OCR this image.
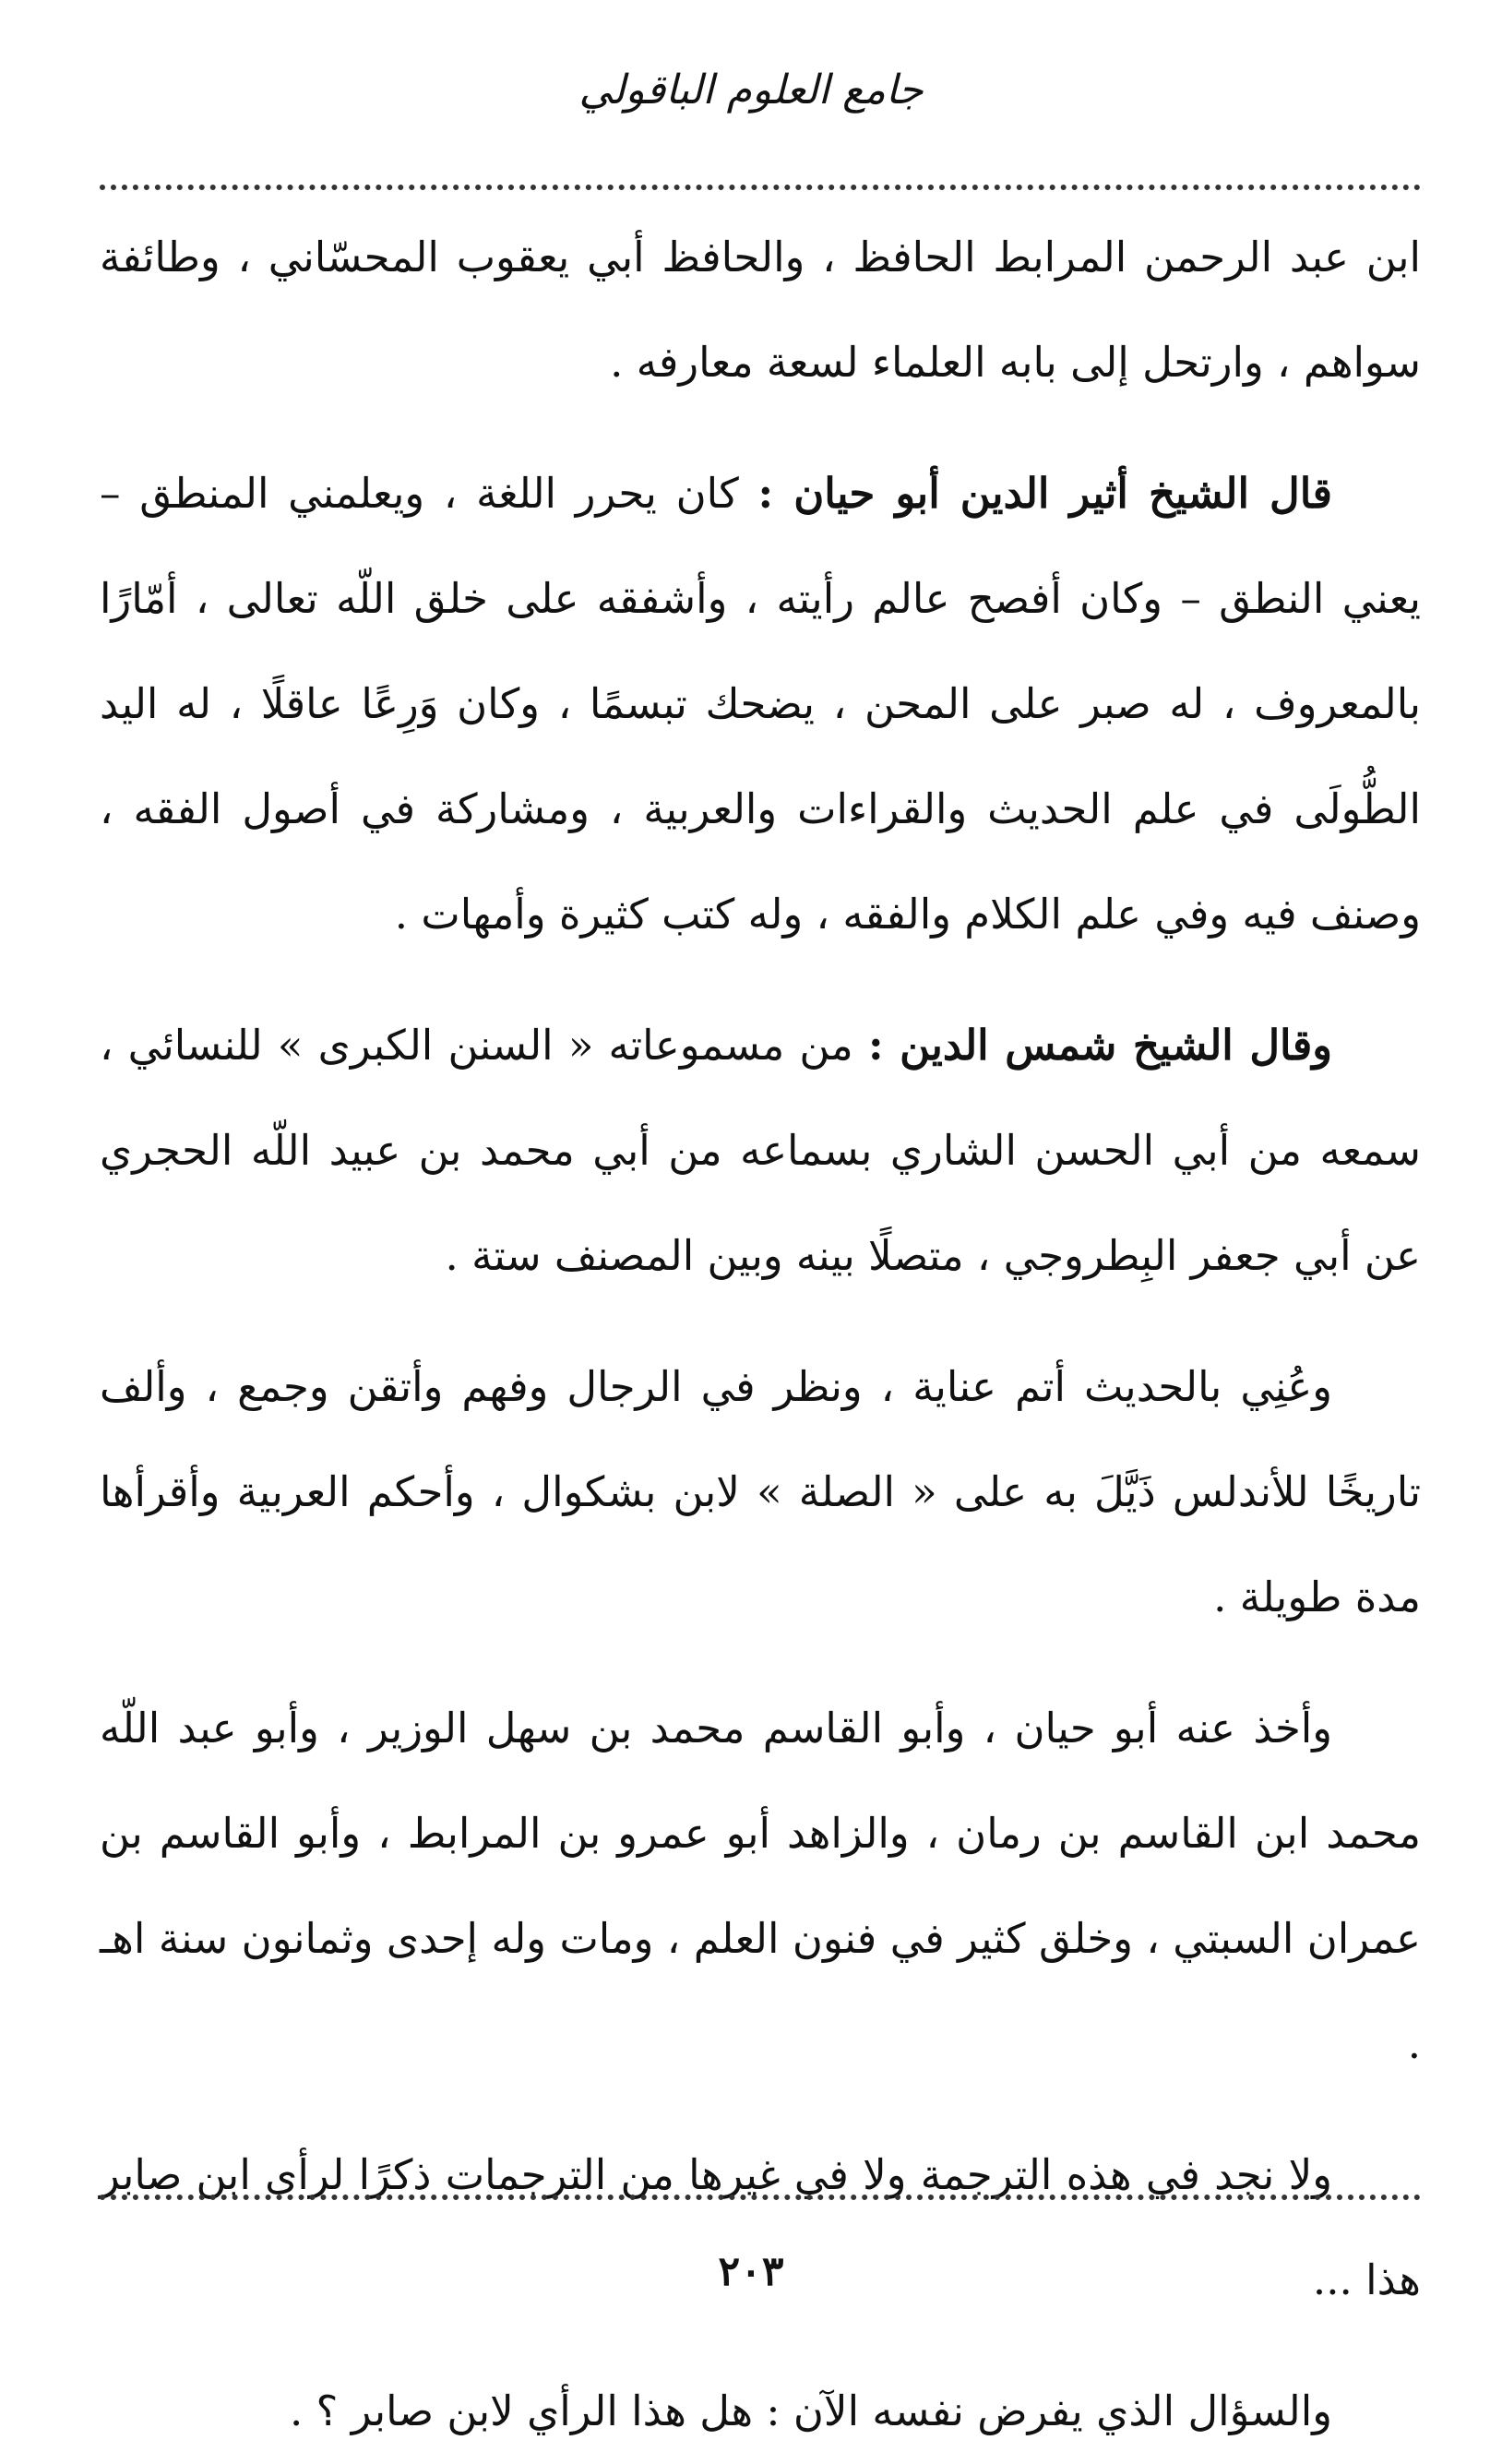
جامع العلوم الباقولي

ابن عبد الرحمن المرابط الحافظ ، والحافظ أبي يعقوب المحسّاني ، وطائفة سواهم ، وارتحل إلى بابه العلماء لسعة معارفه .

قال الشيخ أثير الدين أبو حيان : كان يحرر اللغة ، ويعلمني المنطق – يعني النطق – وكان أفصح عالم رأيته ، وأشفقه على خلق اللّه تعالى ، أمّارًا بالمعروف ، له صبر على المحن ، يضحك تبسمًا ، وكان وَرِعًا عاقلًا ، له اليد الطُّولَى في علم الحديث والقراءات والعربية ، ومشاركة في أصول الفقه ، وصنف فيه وفي علم الكلام والفقه ، وله كتب كثيرة وأمهات .

وقال الشيخ شمس الدين : من مسموعاته « السنن الكبرى » للنسائي ، سمعه من أبي الحسن الشاري بسماعه من أبي محمد بن عبيد اللّه الحجري عن أبي جعفر البِطروجي ، متصلًا بينه وبين المصنف ستة .

وعُنِي بالحديث أتم عناية ، ونظر في الرجال وفهم وأتقن وجمع ، وألف تاريخًا للأندلس ذَيَّلَ به على « الصلة » لابن بشكوال ، وأحكم العربية وأقرأها مدة طويلة .

وأخذ عنه أبو حيان ، وأبو القاسم محمد بن سهل الوزير ، وأبو عبد اللّه محمد ابن القاسم بن رمان ، والزاهد أبو عمرو بن المرابط ، وأبو القاسم بن عمران السبتي ، وخلق كثير في فنون العلم ، ومات وله إحدى وثمانون سنة اهـ .

ولا نجد في هذه الترجمة ولا في غيرها من الترجمات ذكرًا لرأى ابن صابر هذا ...

والسؤال الذي يفرض نفسه الآن : هل هذا الرأي لابن صابر ؟ .

٢٠٣
